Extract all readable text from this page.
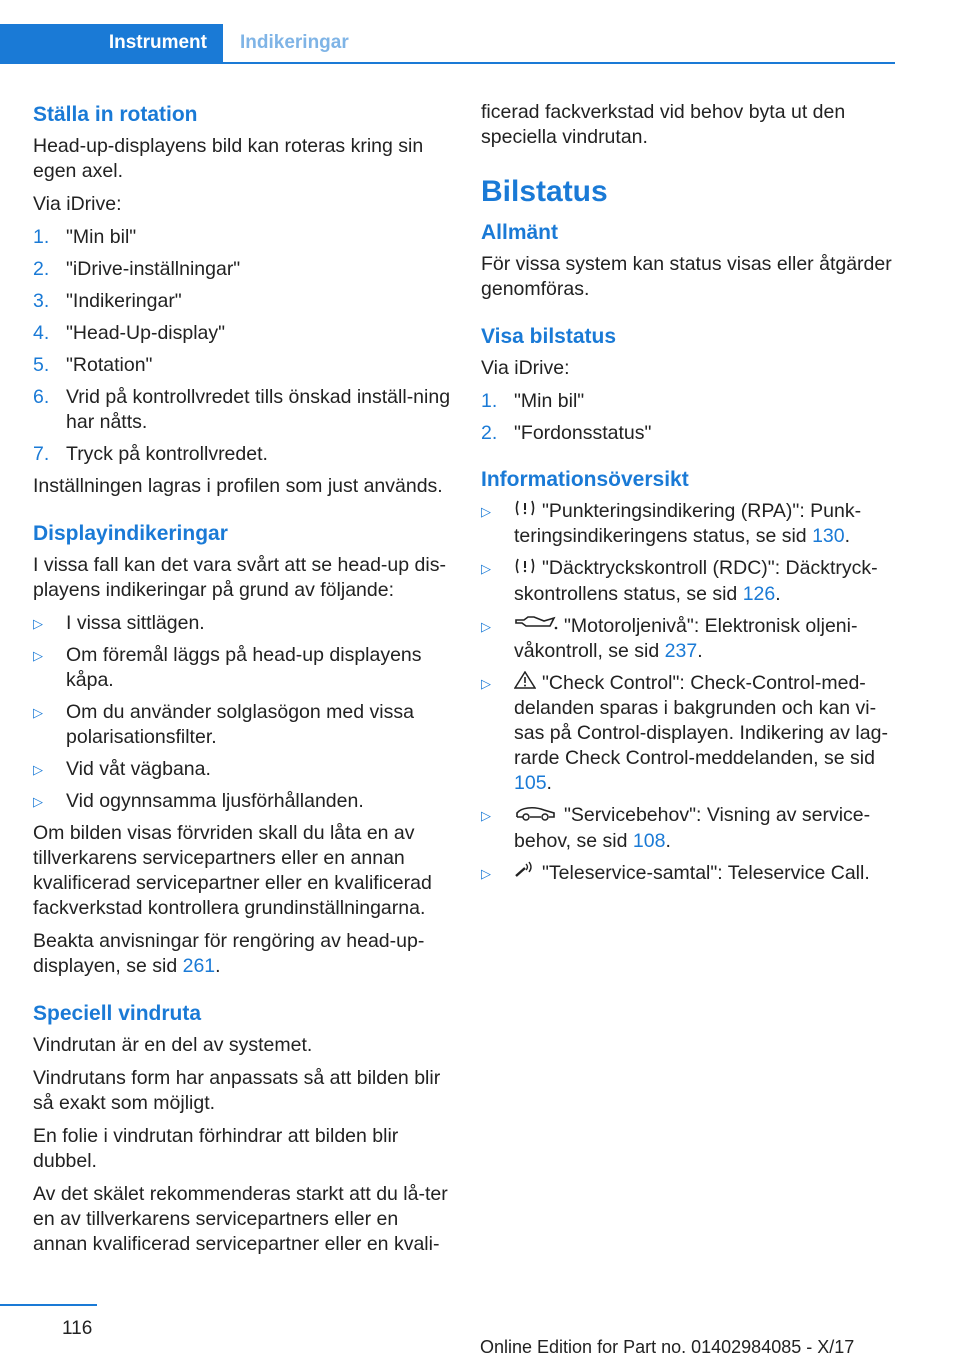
Instrument	Indikeringar
Ställa in rotation

Head-up-displayens bild kan roteras kring sin egen axel.

Via iDrive:

1. "Min bil"
2. "iDrive-inställningar"
3. "Indikeringar"
4. "Head-Up-display"
5. "Rotation"
6. Vrid på kontrollvredet tills önskad inställ-ning har nåtts.
7. Tryck på kontrollvredet.

Inställningen lagras i profilen som just används.

Displayindikeringar

I vissa fall kan det vara svårt att se head-up dis-playens indikeringar på grund av följande:

▷ I vissa sittlägen.
▷ Om föremål läggs på head-up displayens kåpa.
▷ Om du använder solglasögon med vissa polarisationsfilter.
▷ Vid våt vägbana.
▷ Vid ogynnsamma ljusförhållanden.

Om bilden visas förvriden skall du låta en av tillverkarens servicepartners eller en annan kvalificerad servicepartner eller en kvalificerad fackverkstad kontrollera grundinställningarna.

Beakta anvisningar för rengöring av head-up-displayen, se sid 261.

Speciell vindruta

Vindrutan är en del av systemet.

Vindrutans form har anpassats så att bilden blir så exakt som möjligt.

En folie i vindrutan förhindrar att bilden blir dubbel.

Av det skälet rekommenderas starkt att du lå-ter en av tillverkarens servicepartners eller en annan kvalificerad servicepartner eller en kvali-

ficerad fackverkstad vid behov byta ut den speciella vindrutan.

Bilstatus
Allmänt

För vissa system kan status visas eller åtgärder genomföras.

Visa bilstatus

Via iDrive:

1. "Min bil"
2. "Fordonsstatus"
Informationsöversikt
▷	"Punkteringsindikering (RPA)": Punk-teringsindikeringens status, se sid 130.
▷	"Däcktryckskontroll (RDC)": Däcktryck-skontrollens status, se sid 126.
▷	"Motoroljenivå": Elektronisk oljeni-våkontroll, se sid 237.
▷	"Check Control": Check-Control-med-delanden sparas i bakgrunden och kan vi-sas på Control-displayen. Indikering av lag-rarde Check Control-meddelanden, se sid 105.
▷	"Servicebehov": Visning av service-behov, se sid 108.
▷	"Teleservice-samtal": Teleservice Call.
116
Online Edition for Part no. 01402984085 - X/17
